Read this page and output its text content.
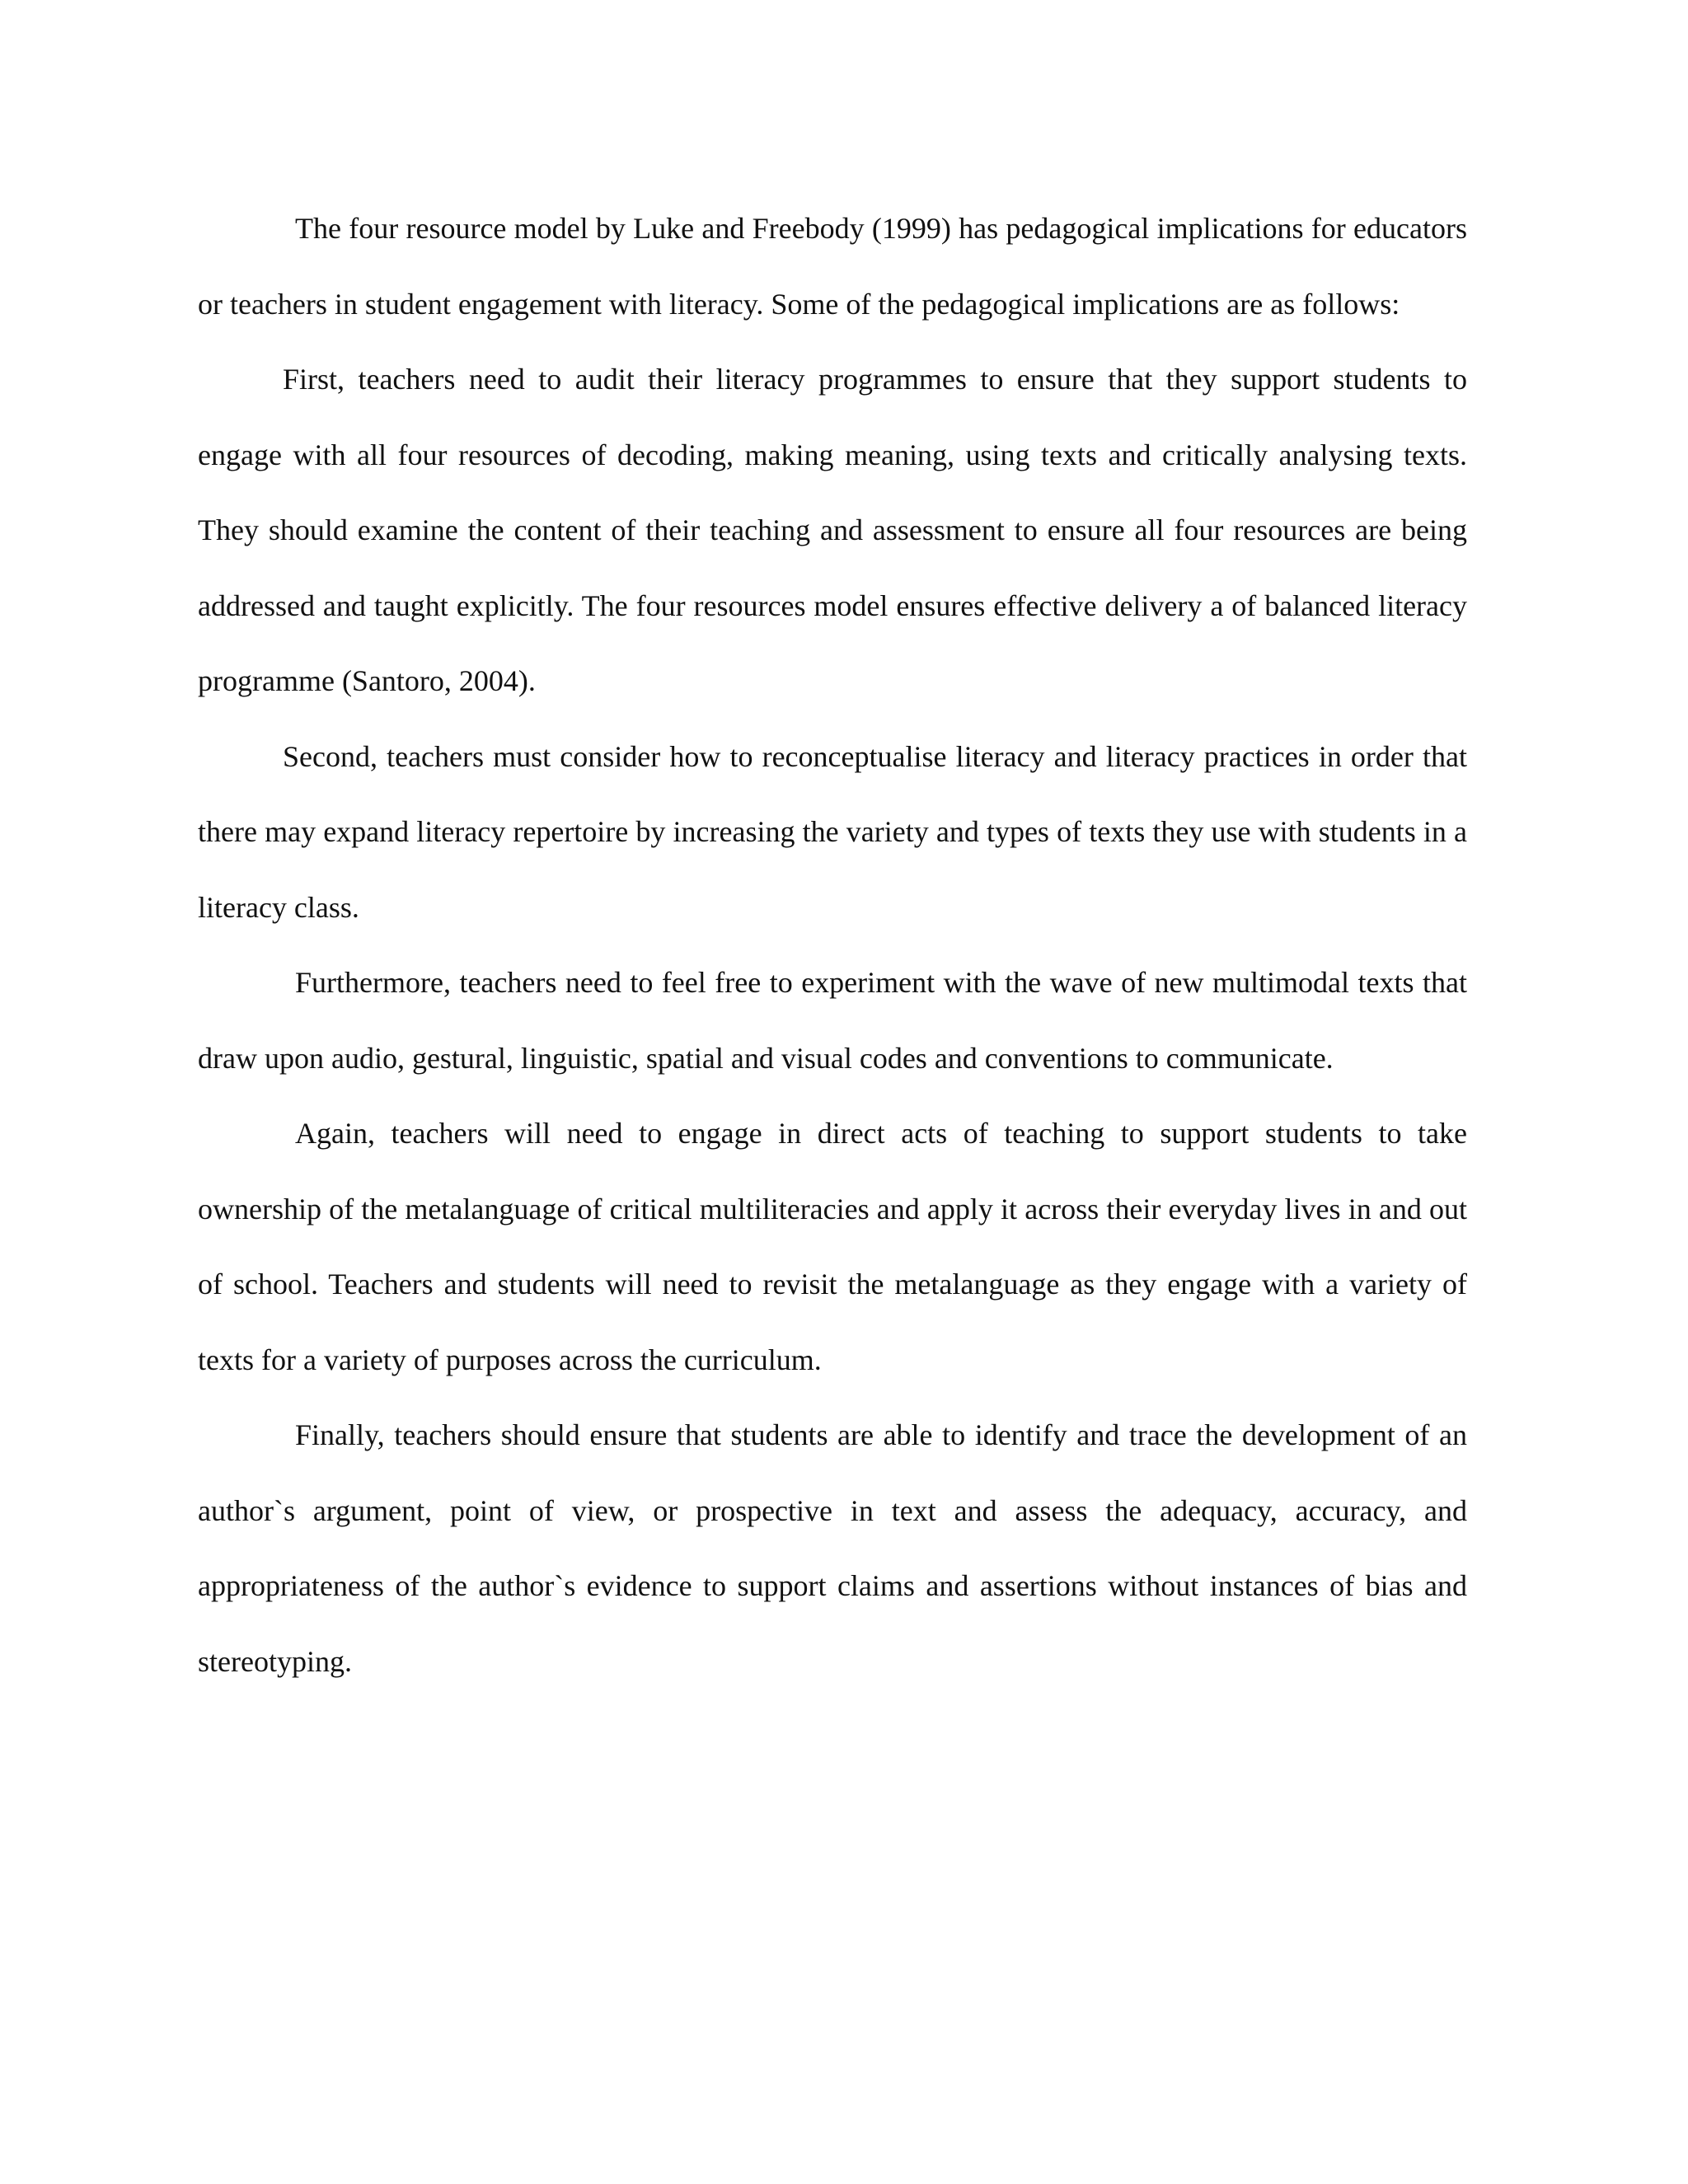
The four resource model by Luke and Freebody (1999) has pedagogical implications for educators or teachers in student engagement with literacy. Some of the pedagogical implications are as follows:

First, teachers need to audit their literacy programmes to ensure that they support students to engage with all four resources of decoding, making meaning, using texts and critically analysing texts. They should examine the content of their teaching and assessment to ensure all four resources are being addressed and taught explicitly. The four resources model ensures effective delivery a of balanced literacy programme (Santoro, 2004).

Second, teachers must consider how to reconceptualise literacy and literacy practices in order that there may expand literacy repertoire by increasing the variety and types of texts they use with students in a literacy class.

Furthermore, teachers need to feel free to experiment with the wave of new multimodal texts that draw upon audio, gestural, linguistic, spatial and visual codes and conventions to communicate.

Again, teachers will need to engage in direct acts of teaching to support students to take ownership of the metalanguage of critical multiliteracies and apply it across their everyday lives in and out of school. Teachers and students will need to revisit the metalanguage as they engage with a variety of texts for a variety of purposes across the curriculum.

Finally, teachers should ensure that students are able to identify and trace the development of an author`s argument, point of view, or prospective in text and assess the adequacy, accuracy, and appropriateness of the author`s evidence to support claims and assertions without instances of bias and stereotyping.
